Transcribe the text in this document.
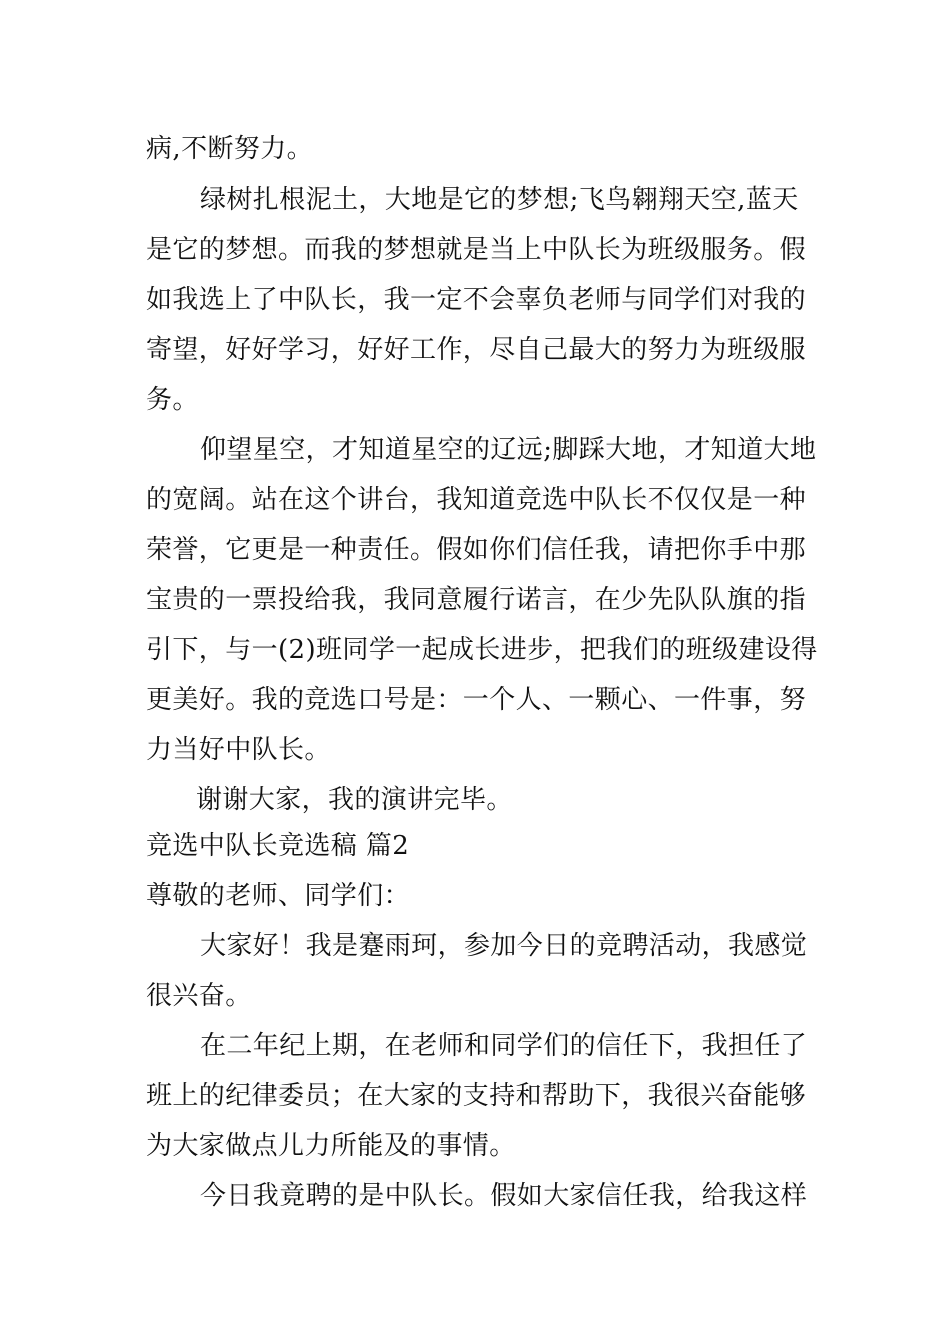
病,不断努力。
绿树扎根泥土，大地是它的梦想;飞鸟翱翔天空,蓝天
是它的梦想。而我的梦想就是当上中队长为班级服务。假
如我选上了中队长，我一定不会辜负老师与同学们对我的
寄望，好好学习，好好工作，尽自己最大的努力为班级服
务。
仰望星空，才知道星空的辽远;脚踩大地，才知道大地
的宽阔。站在这个讲台，我知道竞选中队长不仅仅是一种
荣誉，它更是一种责任。假如你们信任我，请把你手中那
宝贵的一票投给我，我同意履行诺言，在少先队队旗的指
引下，与一(2)班同学一起成长进步，把我们的班级建设得
更美好。我的竞选口号是：一个人、一颗心、一件事，努
力当好中队长。
谢谢大家，我的演讲完毕。
竞选中队长竞选稿 篇2
尊敬的老师、同学们：
大家好！我是蹇雨珂，参加今日的竞聘活动，我感觉
很兴奋。
在二年纪上期，在老师和同学们的信任下，我担任了
班上的纪律委员；在大家的支持和帮助下，我很兴奋能够
为大家做点儿力所能及的事情。
今日我竟聘的是中队长。假如大家信任我，给我这样
